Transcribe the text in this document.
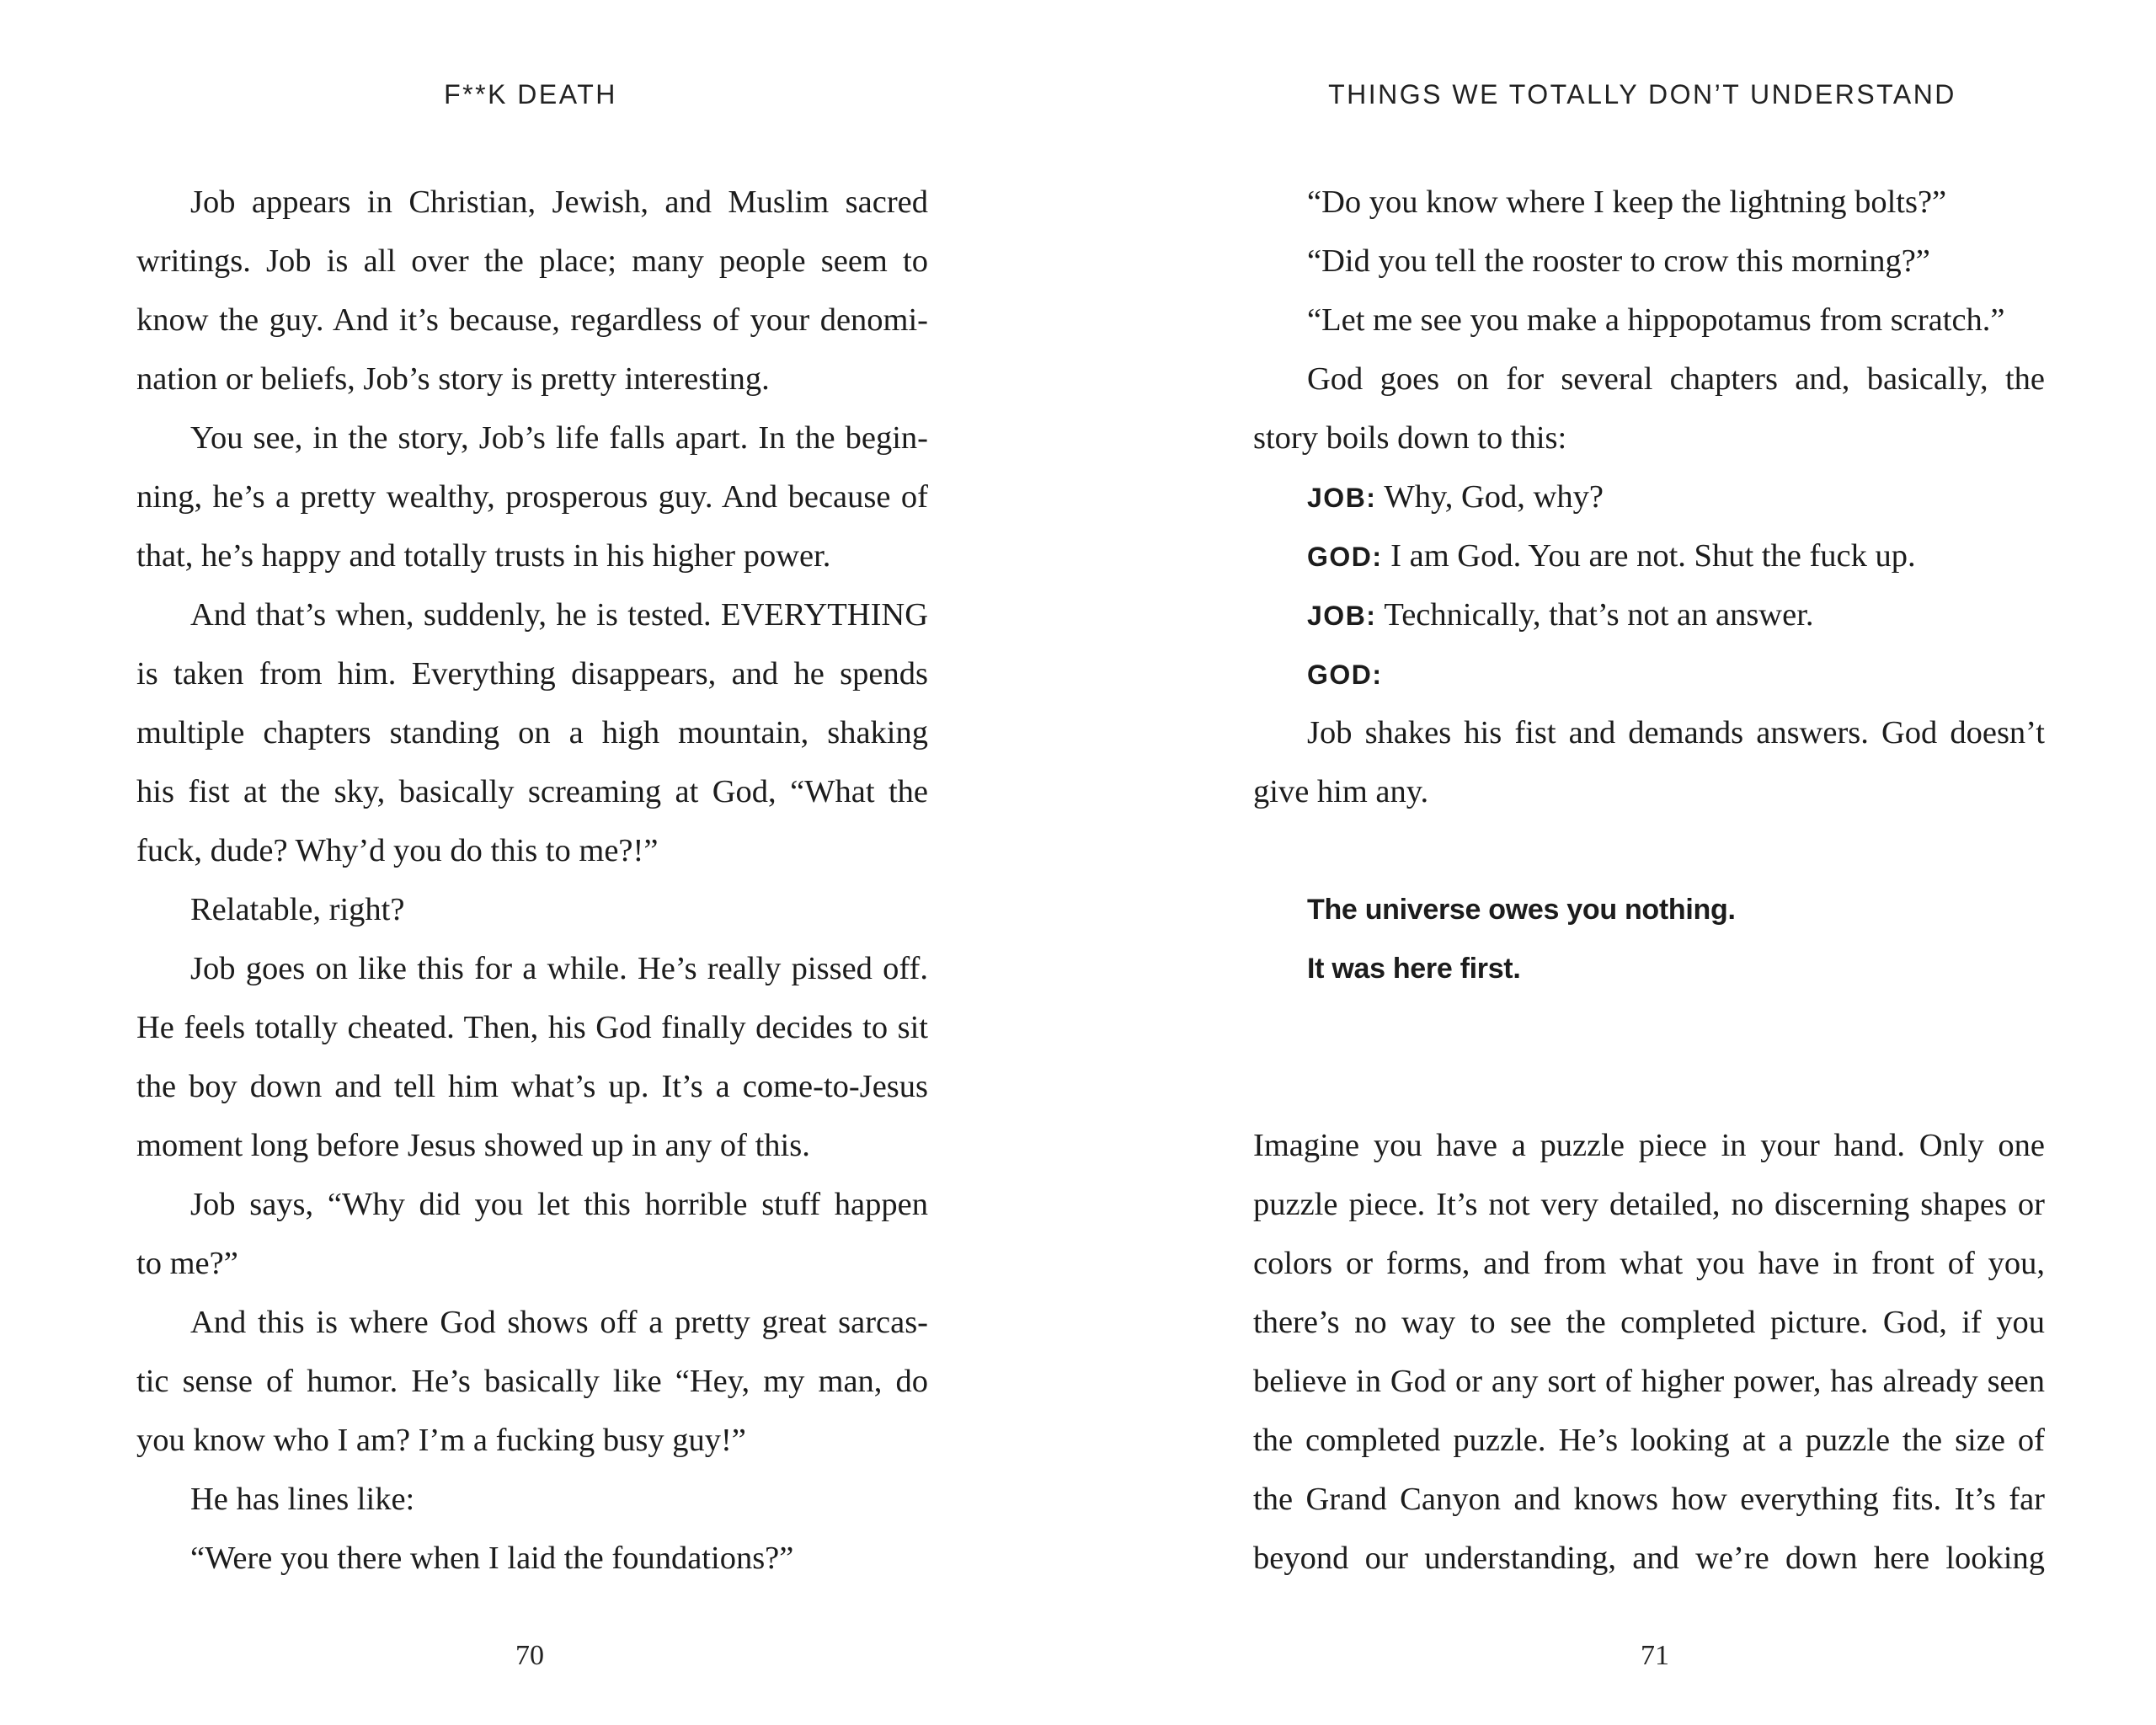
F**K DEATH
Job appears in Christian, Jewish, and Muslim sacred
writings. Job is all over the place; many people seem to
know the guy. And it’s because, regardless of your denomi-
nation or beliefs, Job’s story is pretty interesting.
You see, in the story, Job’s life falls apart. In the begin-
ning, he’s a pretty wealthy, prosperous guy. And because of
that, he’s happy and totally trusts in his higher power.
And that’s when, suddenly, he is tested. EVERYTHING
is taken from him. Everything disappears, and he spends
multiple chapters standing on a high mountain, shaking
his fist at the sky, basically screaming at God, “What the
fuck, dude? Why’d you do this to me?!”
Relatable, right?
Job goes on like this for a while. He’s really pissed off.
He feels totally cheated. Then, his God finally decides to sit
the boy down and tell him what’s up. It’s a come-to-Jesus
moment long before Jesus showed up in any of this.
Job says, “Why did you let this horrible stuff happen
to me?”
And this is where God shows off a pretty great sarcas-
tic sense of humor. He’s basically like “Hey, my man, do
you know who I am? I’m a fucking busy guy!”
He has lines like:
“Were you there when I laid the foundations?”
70
THINGS WE TOTALLY DON’T UNDERSTAND
“Do you know where I keep the lightning bolts?”
“Did you tell the rooster to crow this morning?”
“Let me see you make a hippopotamus from scratch.”
God goes on for several chapters and, basically, the
story boils down to this:
JOB: Why, God, why?
GOD: I am God. You are not. Shut the fuck up.
JOB: Technically, that’s not an answer.
GOD:
Job shakes his fist and demands answers. God doesn’t
give him any.
The universe owes you nothing.
It was here first.
Imagine you have a puzzle piece in your hand. Only one
puzzle piece. It’s not very detailed, no discerning shapes or
colors or forms, and from what you have in front of you,
there’s no way to see the completed picture. God, if you
believe in God or any sort of higher power, has already seen
the completed puzzle. He’s looking at a puzzle the size of
the Grand Canyon and knows how everything fits. It’s far
beyond our understanding, and we’re down here looking
71
